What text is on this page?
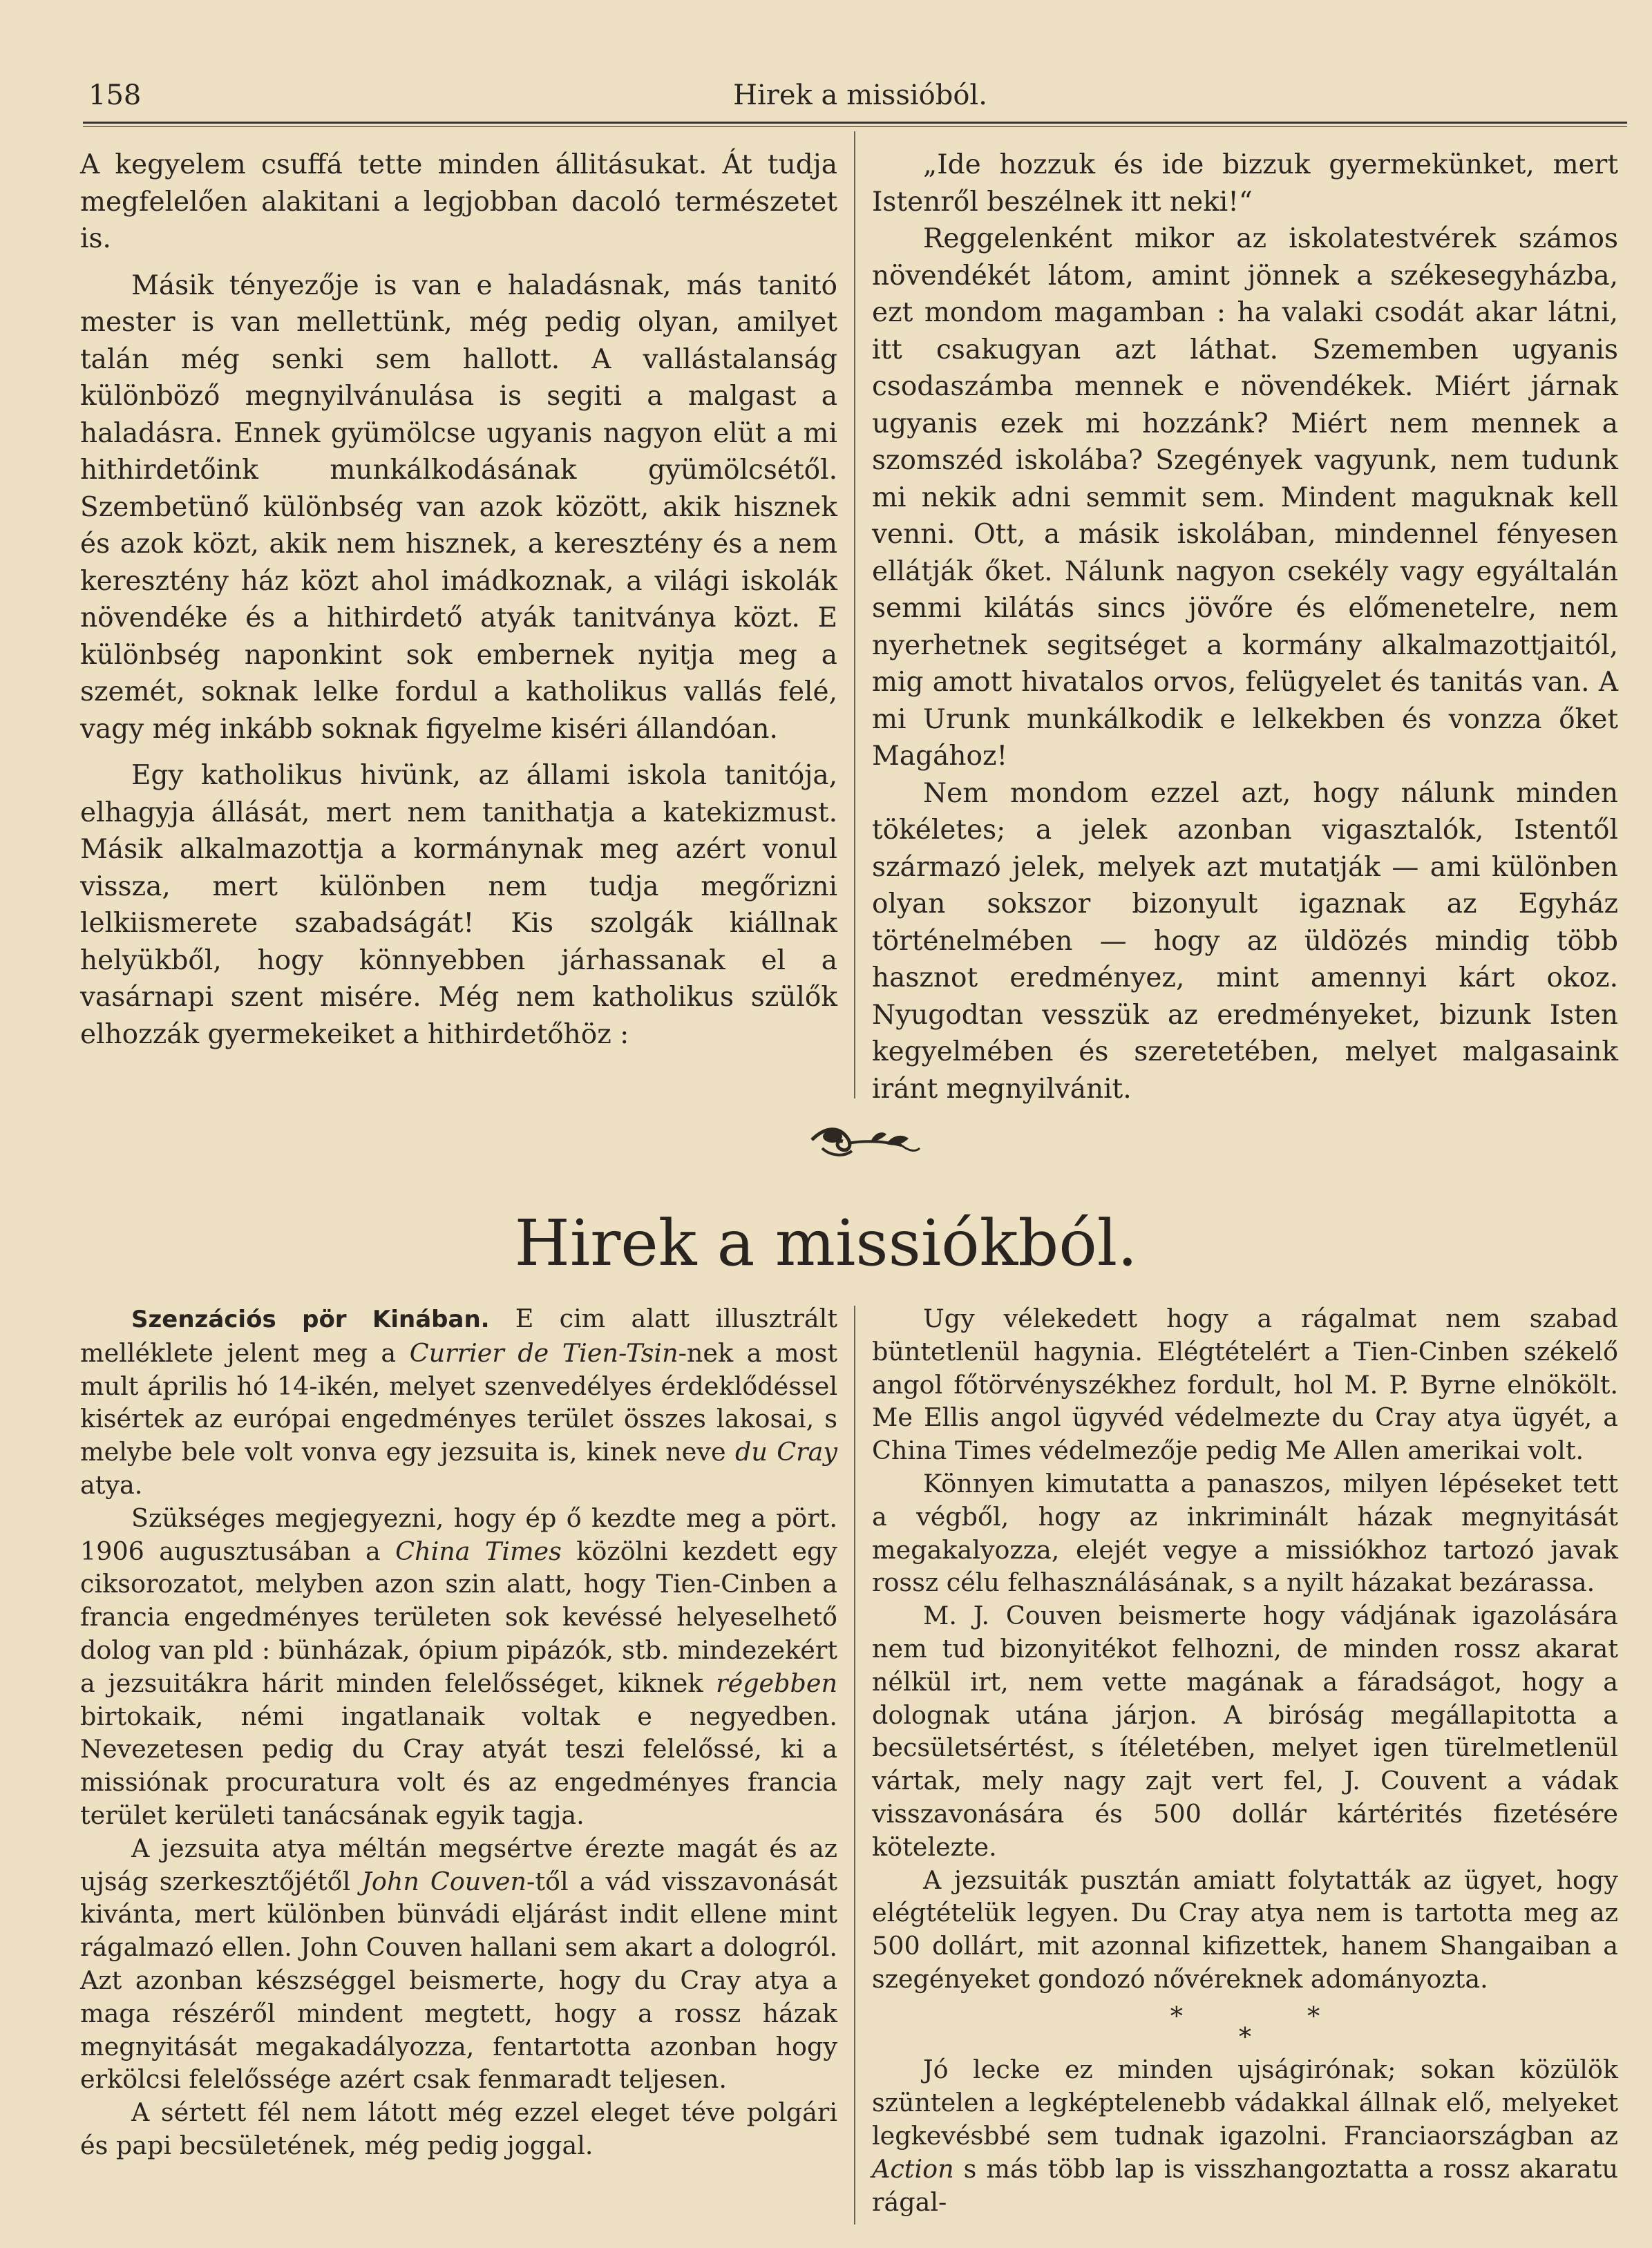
158	Hirek a missióból.

A kegyelem csuffá tette minden állitásukat. Át tudja megfelelően alakitani a legjobban dacoló természetet is.

Másik tényezője is van e haladásnak, más tanitó mester is van mellettünk, még pedig olyan, amilyet talán még senki sem hallott. A vallástalanság különböző megnyilvánulása is segiti a malgast a haladásra. Ennek gyümölcse ugyanis nagyon elüt a mi hithirdetőink munkálkodásának gyümölcsétől. Szembetünő különbség van azok között, akik hisznek és azok közt, akik nem hisznek, a keresztény és a nem keresztény ház közt ahol imádkoznak, a világi iskolák növendéke és a hithirdető atyák tanitványa közt. E különbség naponkint sok embernek nyitja meg a szemét, soknak lelke fordul a katholikus vallás felé, vagy még inkább soknak figyelme kiséri állandóan.

Egy katholikus hivünk, az állami iskola tanitója, elhagyja állását, mert nem tanithatja a katekizmust. Másik alkalmazottja a kormánynak meg azért vonul vissza, mert különben nem tudja megőrizni lelkiismerete szabadságát! Kis szolgák kiállnak helyükből, hogy könnyebben járhassanak el a vasárnapi szent misére. Még nem katholikus szülők elhozzák gyermekeiket a hithirdetőhöz :

„Ide hozzuk és ide bizzuk gyermekünket, mert Istenről beszélnek itt neki!“

Reggelenként mikor az iskolatestvérek számos növendékét látom, amint jönnek a székesegyházba, ezt mondom magamban : ha valaki csodát akar látni, itt csakugyan azt láthat. Szememben ugyanis csodaszámba mennek e növendékek. Miért járnak ugyanis ezek mi hozzánk? Miért nem mennek a szomszéd iskolába? Szegények vagyunk, nem tudunk mi nekik adni semmit sem. Mindent maguknak kell venni. Ott, a másik iskolában, mindennel fényesen ellátják őket. Nálunk nagyon csekély vagy egyáltalán semmi kilátás sincs jövőre és előmenetelre, nem nyerhetnek segitséget a kormány alkalmazottjaitól, mig amott hivatalos orvos, felügyelet és tanitás van. A mi Urunk munkálkodik e lelkekben és vonzza őket Magához!

Nem mondom ezzel azt, hogy nálunk minden tökéletes; a jelek azonban vigasztalók, Istentől származó jelek, melyek azt mutatják — ami különben olyan sokszor bizonyult igaznak az Egyház történelmében — hogy az üldözés mindig több hasznot eredményez, mint amennyi kárt okoz. Nyugodtan vesszük az eredményeket, bizunk Isten kegyelmében és szeretetében, melyet malgasaink iránt megnyilvánit.

Hirek a missiókból.

Szenzációs pör Kinában. E cim alatt illusztrált melléklete jelent meg a Currier de Tien-Tsin-nek a most mult április hó 14-ikén, melyet szenvedélyes érdeklődéssel kisértek az európai engedményes terület összes lakosai, s melybe bele volt vonva egy jezsuita is, kinek neve du Cray atya.

Szükséges megjegyezni, hogy ép ő kezdte meg a pört. 1906 augusztusában a China Times közölni kezdett egy ciksorozatot, melyben azon szin alatt, hogy Tien-Cinben a francia engedményes területen sok kevéssé helyeselhető dolog van pld : bünházak, ópium pipázók, stb. mindezekért a jezsuitákra hárit minden felelősséget, kiknek régebben birtokaik, némi ingatlanaik voltak e negyedben. Nevezetesen pedig du Cray atyát teszi felelőssé, ki a missiónak procuratura volt és az engedményes francia terület kerületi tanácsának egyik tagja.

A jezsuita atya méltán megsértve érezte magát és az ujság szerkesztőjétől John Couven-től a vád visszavonását kivánta, mert különben bünvádi eljárást indit ellene mint rágalmazó ellen. John Couven hallani sem akart a dologról. Azt azonban készséggel beismerte, hogy du Cray atya a maga részéről mindent megtett, hogy a rossz házak megnyitását megakadályozza, fentartotta azonban hogy erkölcsi felelőssége azért csak fenmaradt teljesen.

A sértett fél nem látott még ezzel eleget téve polgári és papi becsületének, még pedig joggal.

Ugy vélekedett hogy a rágalmat nem szabad büntetlenül hagynia. Elégtételért a Tien-Cinben székelő angol főtörvényszékhez fordult, hol M. P. Byrne elnökölt. Me Ellis angol ügyvéd védelmezte du Cray atya ügyét, a China Times védelmezője pedig Me Allen amerikai volt.

Könnyen kimutatta a panaszos, milyen lépéseket tett a végből, hogy az inkriminált házak megnyitását megakalyozza, elejét vegye a missiókhoz tartozó javak rossz célu felhasználásának, s a nyilt házakat bezárassa.

M. J. Couven beismerte hogy vádjának igazolására nem tud bizonyitékot felhozni, de minden rossz akarat nélkül irt, nem vette magának a fáradságot, hogy a dolognak utána járjon. A biróság megállapitotta a becsületsértést, s ítéletében, melyet igen türelmetlenül vártak, mely nagy zajt vert fel, J. Couvent a vádak visszavonására és 500 dollár kártérités fizetésére kötelezte.

A jezsuiták pusztán amiatt folytatták az ügyet, hogy elégtételük legyen. Du Cray atya nem is tartotta meg az 500 dollárt, mit azonnal kifizettek, hanem Shangaiban a szegényeket gondozó nővéreknek adományozta.

*	*
*

Jó lecke ez minden ujságirónak; sokan közülök szüntelen a legképtelenebb vádakkal állnak elő, melyeket legkevésbbé sem tudnak igazolni. Franciaországban az Action s más több lap is visszhangoztatta a rossz akaratu rágal-
